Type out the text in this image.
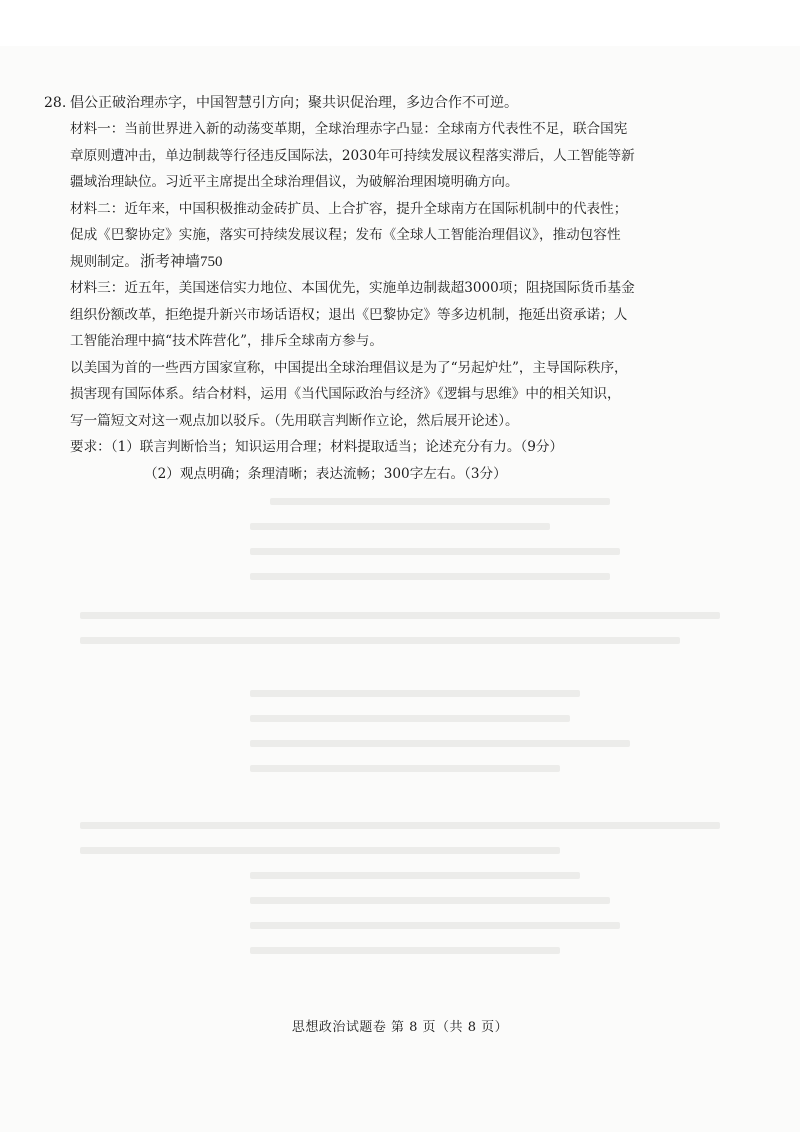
28. 倡公正破治理赤字，中国智慧引方向；聚共识促治理，多边合作不可逆。
材料一：当前世界进入新的动荡变革期，全球治理赤字凸显：全球南方代表性不足，联合国宪
章原则遭冲击，单边制裁等行径违反国际法，2030年可持续发展议程落实滞后，人工智能等新
疆域治理缺位。习近平主席提出全球治理倡议，为破解治理困境明确方向。
材料二：近年来，中国积极推动金砖扩员、上合扩容，提升全球南方在国际机制中的代表性；
促成《巴黎协定》实施，落实可持续发展议程；发布《全球人工智能治理倡议》，推动包容性
规则制定。 浙考神墙750
材料三：近五年，美国迷信实力地位、本国优先，实施单边制裁超3000项；阻挠国际货币基金
组织份额改革，拒绝提升新兴市场话语权；退出《巴黎协定》等多边机制，拖延出资承诺；人
工智能治理中搞“技术阵营化”，排斥全球南方参与。
以美国为首的一些西方国家宣称，中国提出全球治理倡议是为了“另起炉灶”，主导国际秩序，
损害现有国际体系。结合材料，运用《当代国际政治与经济》《逻辑与思维》中的相关知识，
写一篇短文对这一观点加以驳斥。（先用联言判断作立论，然后展开论述）。
要求：（1）联言判断恰当；知识运用合理；材料提取适当；论述充分有力。（9分）
（2）观点明确；条理清晰；表达流畅；300字左右。（3分）
思想政治试题卷 第 8 页（共 8 页）
